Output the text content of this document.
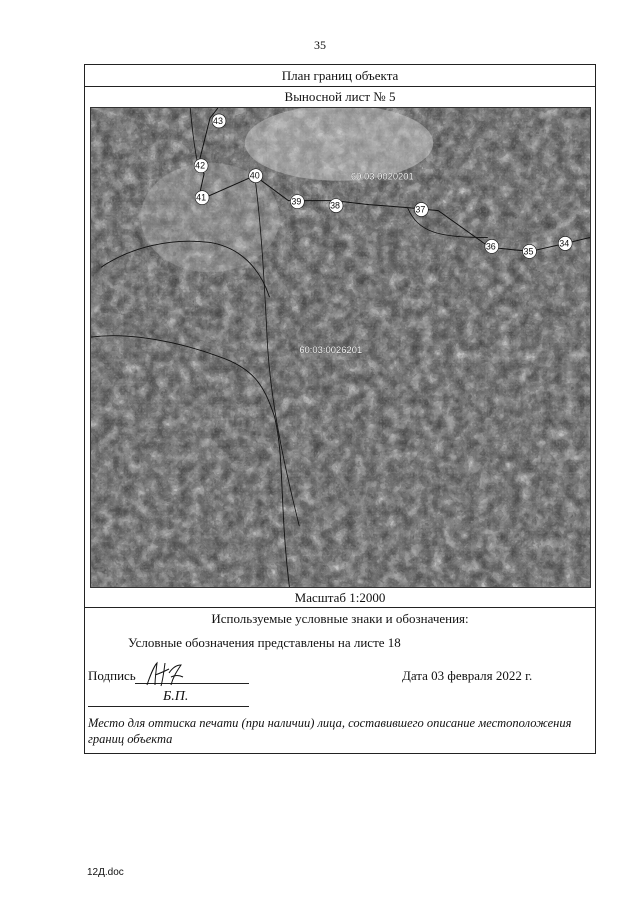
35
План границ объекта
Выносной лист № 5
60:03:0020201
60:03:0026201
43
42
41
40
39	38	37
36	35
34
Масштаб 1:2000
Используемые условные знаки и обозначения:
Условные обозначения представлены на листе 18
Подпись	Дата 03 февраля 2022 г.
Б.П.
Место для оттиска печати (при наличии) лица, составившего описание местоположения границ объекта
12Д.doc
